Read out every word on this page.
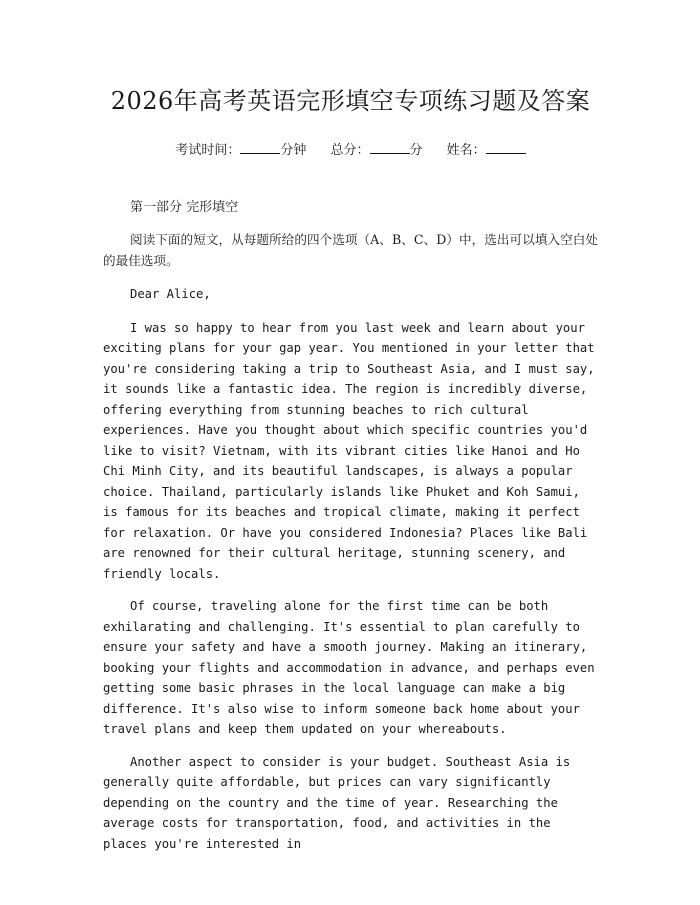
2026年高考英语完形填空专项练习题及答案
考试时间：	分钟 总分：	分 姓名：
第一部分 完形填空

阅读下面的短文，从每题所给的四个选项（A、B、C、D）中，选出可以填入空白处的最佳选项。

Dear Alice,

I was so happy to hear from you last week and learn about your exciting plans for your gap year. You mentioned in your letter that you're considering taking a trip to Southeast Asia, and I must say, it sounds like a fantastic idea. The region is incredibly diverse, offering everything from stunning beaches to rich cultural experiences. Have you thought about which specific countries you'd like to visit? Vietnam, with its vibrant cities like Hanoi and Ho Chi Minh City, and its beautiful landscapes, is always a popular choice. Thailand, particularly islands like Phuket and Koh Samui, is famous for its beaches and tropical climate, making it perfect for relaxation. Or have you considered Indonesia? Places like Bali are renowned for their cultural heritage, stunning scenery, and friendly locals.

Of course, traveling alone for the first time can be both exhilarating and challenging. It's essential to plan carefully to ensure your safety and have a smooth journey. Making an itinerary, booking your flights and accommodation in advance, and perhaps even getting some basic phrases in the local language can make a big difference. It's also wise to inform someone back home about your travel plans and keep them updated on your whereabouts.

Another aspect to consider is your budget. Southeast Asia is generally quite affordable, but prices can vary significantly depending on the country and the time of year. Researching the average costs for transportation, food, and activities in the places you're interested in
